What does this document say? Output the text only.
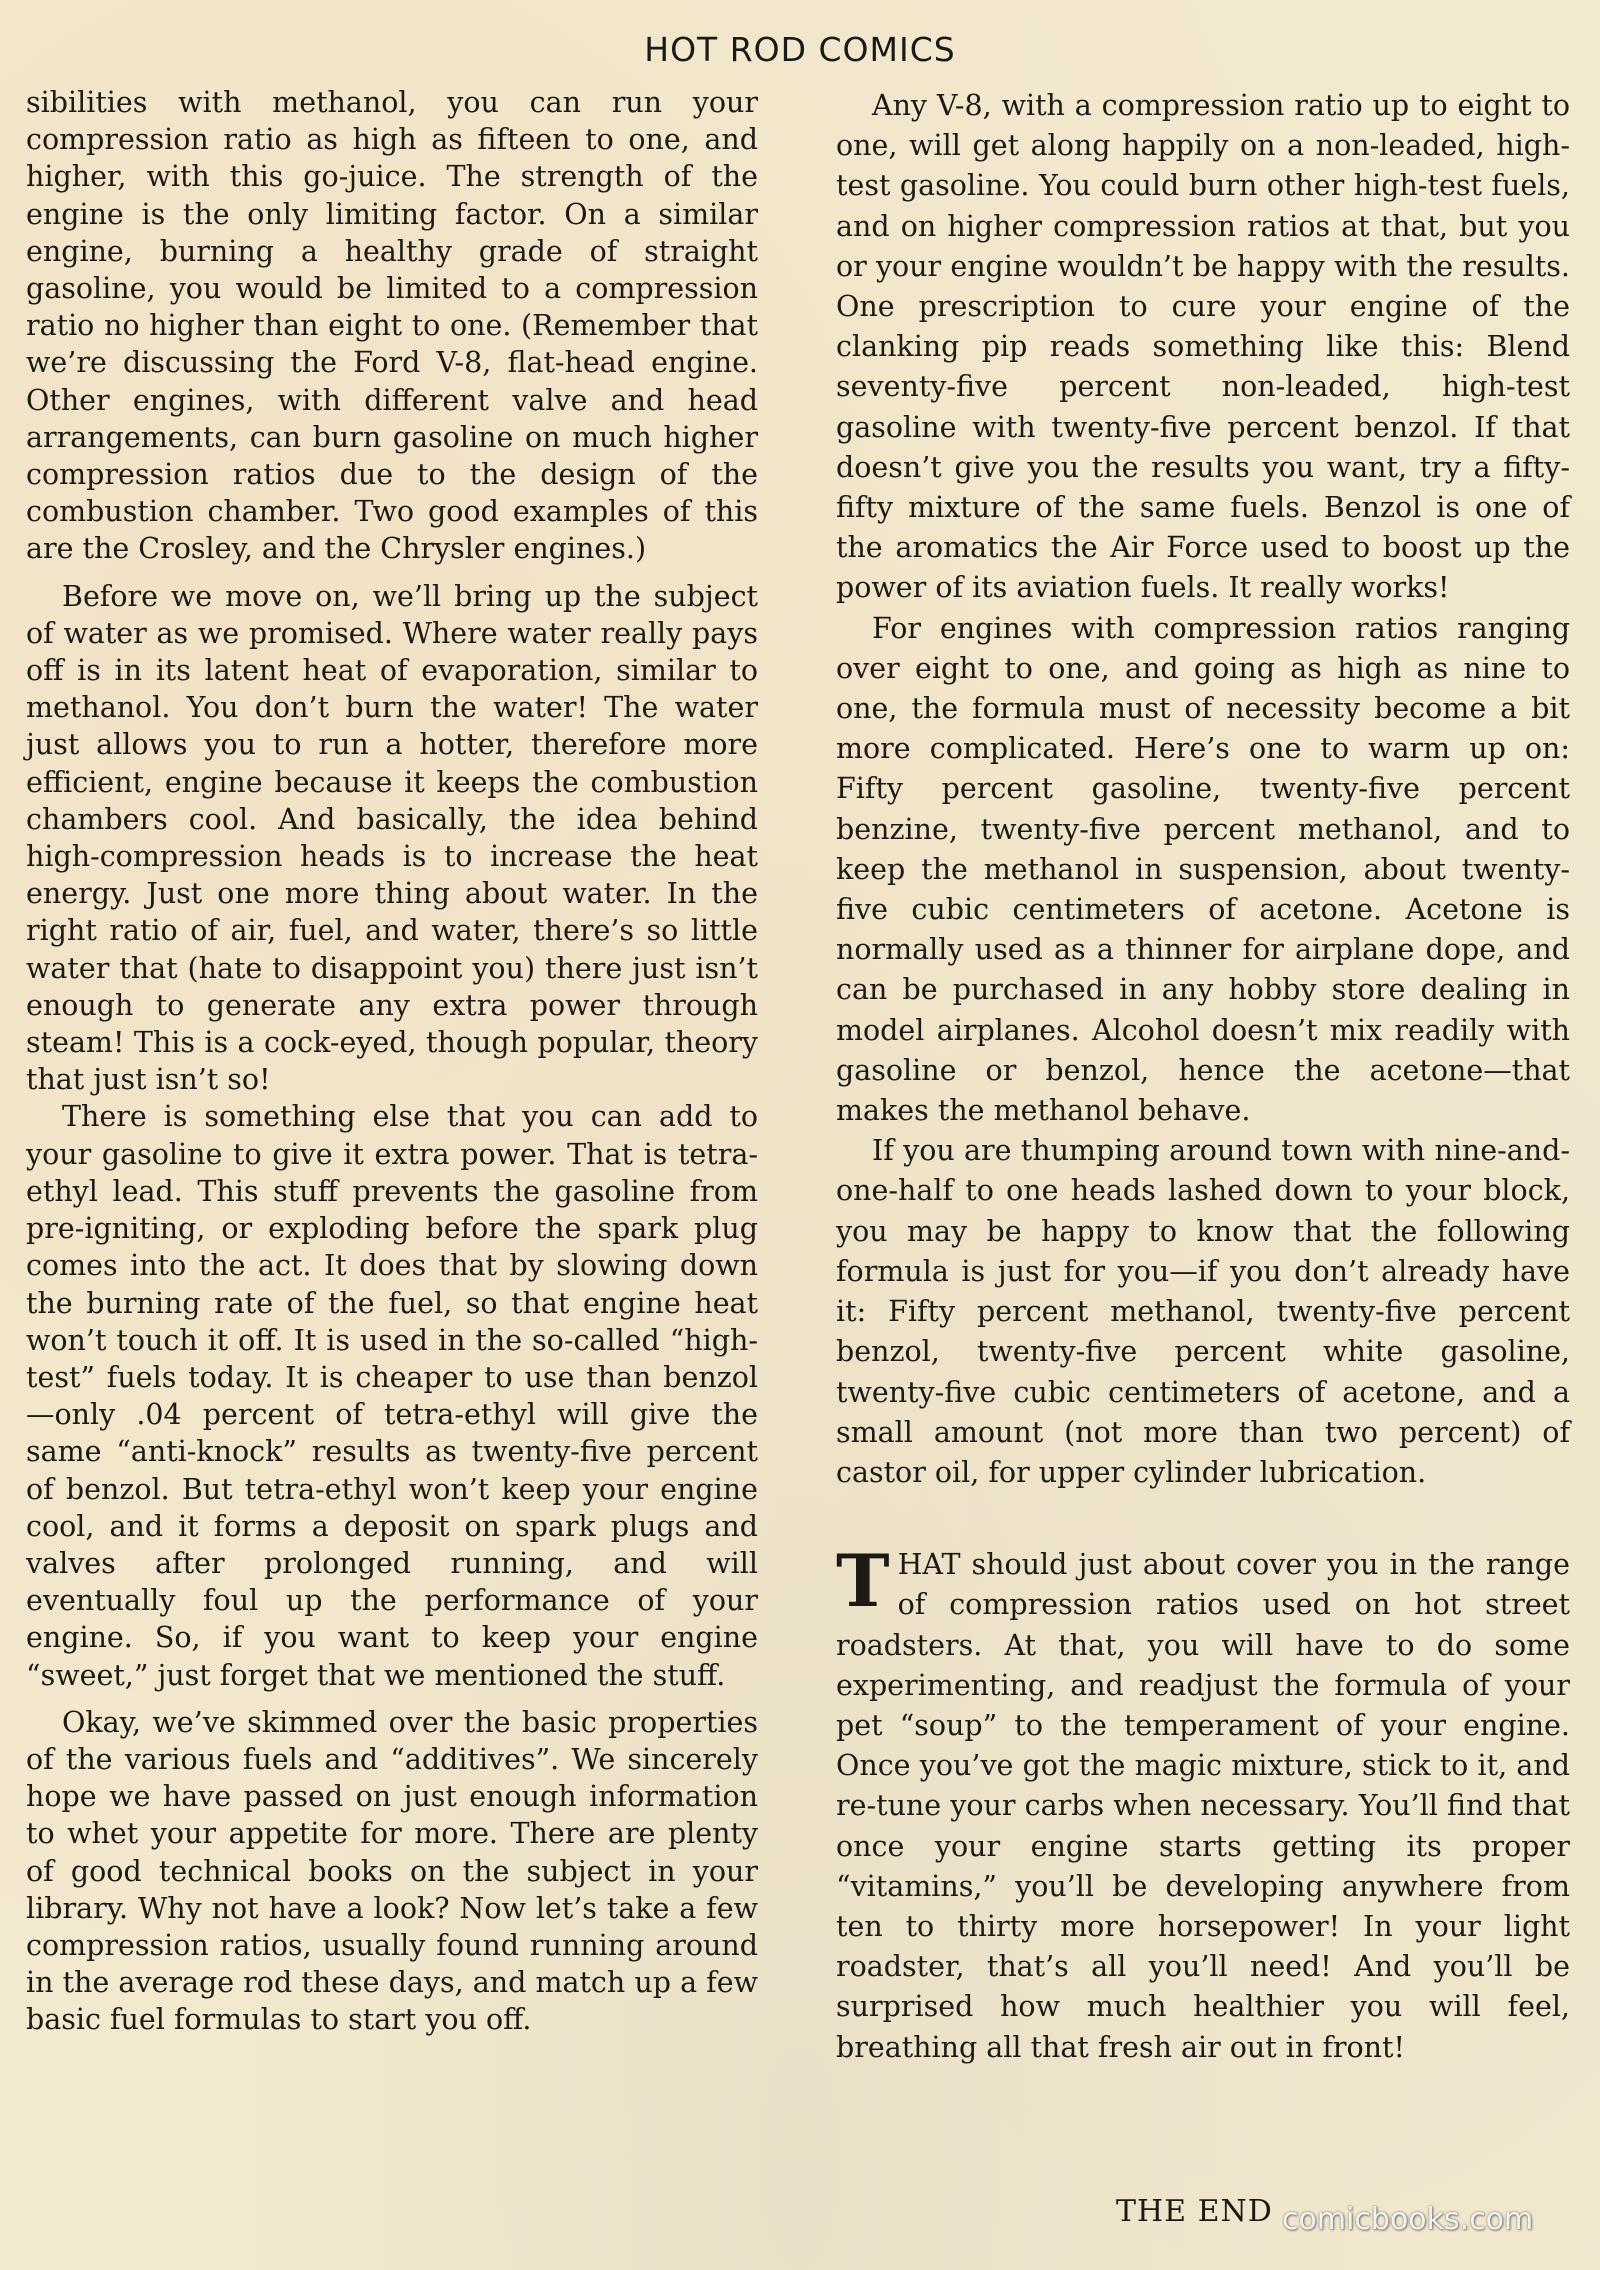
HOT ROD COMICS

sibilities with methanol, you can run your compression ratio as high as fifteen to one, and higher, with this go-juice. The strength of the engine is the only limiting factor. On a similar engine, burning a healthy grade of straight gasoline, you would be limited to a compression ratio no higher than eight to one. (Remember that we’re discussing the Ford V-8, flat-head engine. Other engines, with different valve and head arrangements, can burn gasoline on much higher compression ratios due to the design of the combustion chamber. Two good examples of this are the Crosley, and the Chrysler engines.)

Before we move on, we’ll bring up the subject of water as we promised. Where water really pays off is in its latent heat of evaporation, similar to methanol. You don’t burn the water! The water just allows you to run a hotter, therefore more efficient, engine because it keeps the combustion chambers cool. And basically, the idea behind high-compression heads is to increase the heat energy. Just one more thing about water. In the right ratio of air, fuel, and water, there’s so little water that (hate to disappoint you) there just isn’t enough to generate any extra power through steam! This is a cock-eyed, though popular, theory that just isn’t so!

There is something else that you can add to your gasoline to give it extra power. That is tetra-ethyl lead. This stuff prevents the gasoline from pre-igniting, or exploding before the spark plug comes into the act. It does that by slowing down the burning rate of the fuel, so that engine heat won’t touch it off. It is used in the so-called “high-test” fuels today. It is cheaper to use than benzol—only .04 percent of tetra-ethyl will give the same “anti-knock” results as twenty-five percent of benzol. But tetra-ethyl won’t keep your engine cool, and it forms a deposit on spark plugs and valves after prolonged running, and will eventually foul up the performance of your engine. So, if you want to keep your engine “sweet,” just forget that we mentioned the stuff.

Okay, we’ve skimmed over the basic properties of the various fuels and “additives”. We sincerely hope we have passed on just enough information to whet your appetite for more. There are plenty of good technical books on the subject in your library. Why not have a look? Now let’s take a few compression ratios, usually found running around in the average rod these days, and match up a few basic fuel formulas to start you off.

Any V-8, with a compression ratio up to eight to one, will get along happily on a non-leaded, high-test gasoline. You could burn other high-test fuels, and on higher compression ratios at that, but you or your engine wouldn’t be happy with the results. One prescription to cure your engine of the clanking pip reads something like this: Blend seventy-five percent non-leaded, high-test gasoline with twenty-five percent benzol. If that doesn’t give you the results you want, try a fifty-fifty mixture of the same fuels. Benzol is one of the aromatics the Air Force used to boost up the power of its aviation fuels. It really works!

For engines with compression ratios ranging over eight to one, and going as high as nine to one, the formula must of necessity become a bit more complicated. Here’s one to warm up on: Fifty percent gasoline, twenty-five percent benzine, twenty-five percent methanol, and to keep the methanol in suspension, about twenty-five cubic centimeters of acetone. Acetone is normally used as a thinner for airplane dope, and can be purchased in any hobby store dealing in model airplanes. Alcohol doesn’t mix readily with gasoline or benzol, hence the acetone—that makes the methanol behave.

If you are thumping around town with nine-and-one-half to one heads lashed down to your block, you may be happy to know that the following formula is just for you—if you don’t already have it: Fifty percent methanol, twenty-five percent benzol, twenty-five percent white gasoline, twenty-five cubic centimeters of acetone, and a small amount (not more than two percent) of castor oil, for upper cylinder lubrication.

THAT should just about cover you in the range of compression ratios used on hot street roadsters. At that, you will have to do some experimenting, and readjust the formula of your pet “soup” to the temperament of your engine. Once you’ve got the magic mixture, stick to it, and re-tune your carbs when necessary. You’ll find that once your engine starts getting its proper “vitamins,” you’ll be developing anywhere from ten to thirty more horsepower! In your light roadster, that’s all you’ll need! And you’ll be surprised how much healthier you will feel, breathing all that fresh air out in front!

THE END comicbooks.com
